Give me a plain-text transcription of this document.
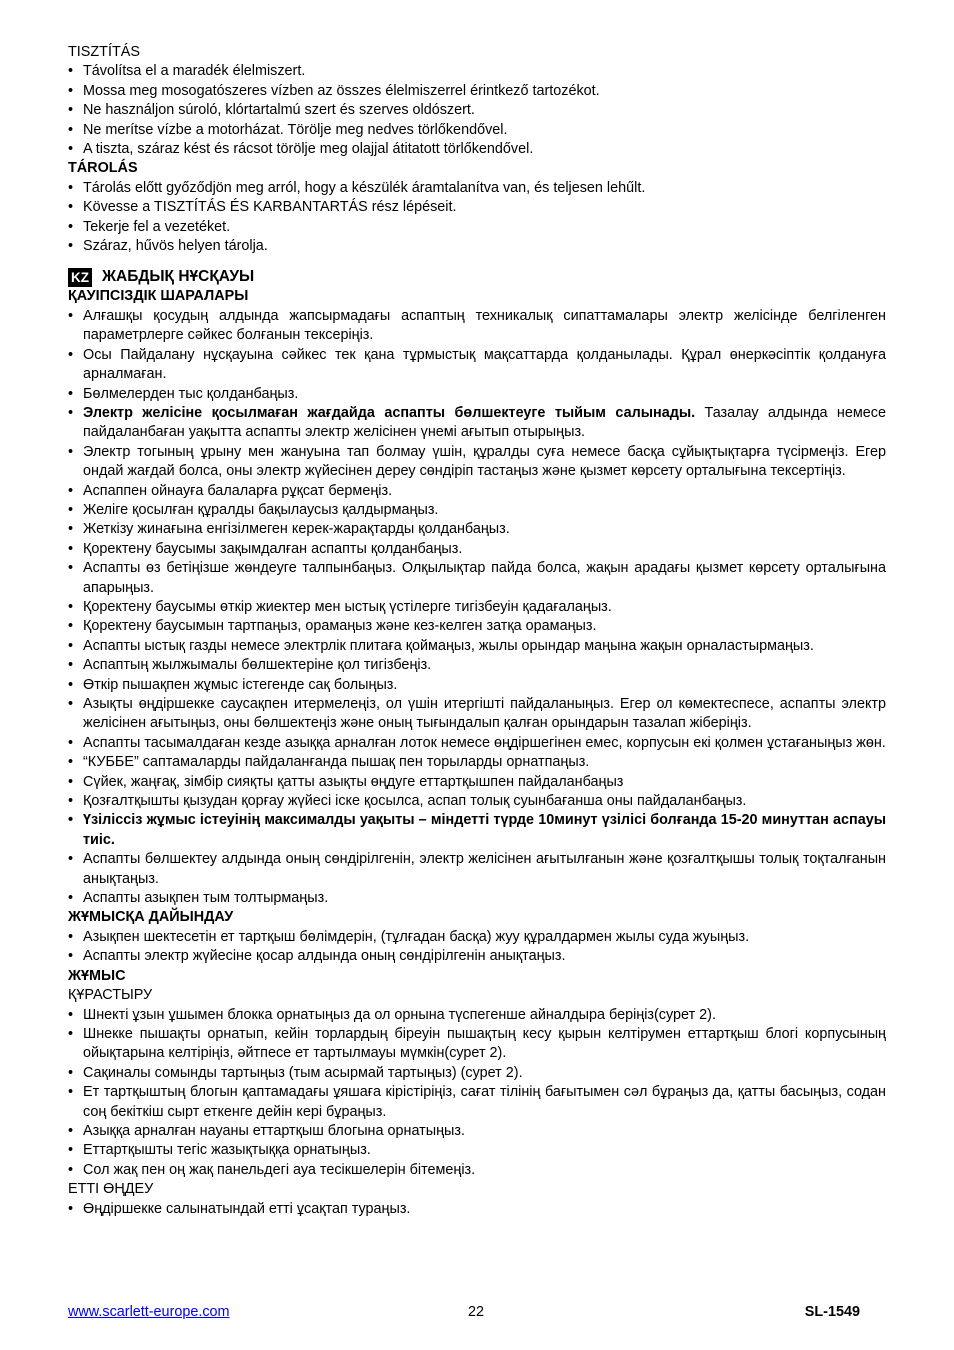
TISZTÍTÁS

• Távolítsa el a maradék élelmiszert.
• Mossa meg mosogatószeres vízben az összes élelmiszerrel érintkező tartozékot.
• Ne használjon súroló, klórtartalmú szert és szerves oldószert.
• Ne merítse vízbe a motorházat. Törölje meg nedves törlőkendővel.
• A tiszta, száraz kést és rácsot törölje meg olajjal átitatott törlőkendővel.

TÁROLÁS

• Tárolás előtt győződjön meg arról, hogy a készülék áramtalanítva van, és teljesen lehűlt.
• Kövesse a TISZTÍTÁS ÉS KARBANTARTÁS rész lépéseit.
• Tekerje fel a vezetéket.
• Száraz, hűvös helyen tárolja.
KZ ЖАБДЫҚ НҰСҚАУЫ

ҚАУІПСІЗДІК ШАРАЛАРЫ

• Алғашқы қосудың алдында жапсырмадағы аспаптың техникалық сипаттамалары электр желісінде белгіленген параметрлерге сәйкес болғанын тексеріңіз.
• Осы Пайдалану нұсқауына сәйкес тек қана тұрмыстық мақсаттарда қолданылады. Құрал өнеркәсіптік қолдануға арналмаған.
• Бөлмелерден тыс қолданбаңыз.
• Электр желісіне қосылмаған жағдайда аспапты бөлшектеуге тыйым салынады. Тазалау алдында немесе пайдаланбаған уақытта аспапты электр желісінен үнемі ағытып отырыңыз.
• Электр тогының ұрыну мен жануына тап болмау үшін, құралды суға немесе басқа сұйықтықтарға түсірмеңіз. Егер ондай жағдай болса, оны электр жүйесінен дереу сөндіріп тастаңыз және қызмет көрсету орталығына тексертіңіз.
• Аспаппен ойнауға балаларға рұқсат бермеңіз.
• Желіге қосылған құралды бақылаусыз қалдырмаңыз.
• Жеткізу жинағына енгізілмеген керек-жарақтарды қолданбаңыз.
• Қоректену баусымы зақымдалған аспапты қолданбаңыз.
• Аспапты өз бетіңізше жөндеуге талпынбаңыз. Олқылықтар пайда болса, жақын арадағы қызмет көрсету орталығына апарыңыз.
• Қоректену баусымы өткір жиектер мен ыстық үстілерге тигізбеуін қадағалаңыз.
• Қоректену баусымын тартпаңыз, орамаңыз және кез-келген затқа орамаңыз.
• Аспапты ыстық газды немесе электрлік плитаға қоймаңыз, жылы орындар маңына жақын орналастырмаңыз.
• Аспаптың жылжымалы бөлшектеріне қол тигізбеңіз.
• Өткір пышақпен жұмыс істегенде сақ болыңыз.
• Азықты өңдіршекке саусақпен итермелеңіз, ол үшін итергішті пайдаланыңыз. Егер ол көмектеспесе, аспапты электр желісінен ағытыңыз, оны бөлшектеңіз және оның тығындалып қалған орындарын тазалап жіберіңіз.
• Аспапты тасымалдаған кезде азыққа арналған лоток немесе өңдіршегінен емес, корпусын екі қолмен ұстағаныңыз жөн.
• “КУББЕ” саптамаларды пайдаланғанда пышақ пен торыларды орнатпаңыз.
• Сүйек, жаңғақ, зімбір сияқты қатты азықты өңдуге еттартқышпен пайдаланбаңыз
• Қозғалтқышты қызудан қорғау жүйесі іске қосылса, аспап толық суынбағанша оны пайдаланбаңыз.
• Үзіліссіз жұмыс істеуінің максималды уақыты – міндетті түрде 10минут үзілісі болғанда 15-20 минуттан аспауы тиіс.
• Аспапты бөлшектеу алдында оның сөндірілгенін, электр желісінен ағытылғанын және қозғалтқышы толық тоқталғанын анықтаңыз.
• Аспапты азықпен тым толтырмаңыз.

ЖҰМЫСҚА ДАЙЫНДАУ

• Азықпен шектесетін ет тартқыш бөлімдерін, (тұлғадан басқа) жуу құралдармен жылы суда жуыңыз.
• Аспапты электр жүйесіне қосар алдында оның сөндірілгенін анықтаңыз.

ЖҰМЫС

ҚҰРАСТЫРУ

• Шнекті ұзын ұшымен блокка орнатыңыз да ол орнына түспегенше айналдыра беріңіз(сурет 2).
• Шнекке пышақты орнатып, кейін торлардың біреуін пышақтың кесу қырын келтірумен еттартқыш блогі корпусының ойықтарына келтіріңіз, әйтпесе ет тартылмауы мүмкін(сурет 2).
• Сақиналы сомынды тартыңыз (тым асырмай тартыңыз) (сурет 2).
• Ет тартқыштың блогын қаптамадағы ұяшаға кірістіріңіз, сағат тілінің бағытымен сәл бұраңыз да, қатты басыңыз, содан соң бекіткіш сырт еткенге дейін кері бұраңыз.
• Азыққа арналған науаны еттартқыш блогына орнатыңыз.
• Еттартқышты тегіс жазықтыққа орнатыңыз.
• Сол жақ пен оң жақ панельдегі ауа тесікшелерін бітемеңіз.

ЕТТІ ӨҢДЕУ

• Өңдіршекке салынатындай етті ұсақтап тураңыз.
www.scarlett-europe.com	22	SL-1549
